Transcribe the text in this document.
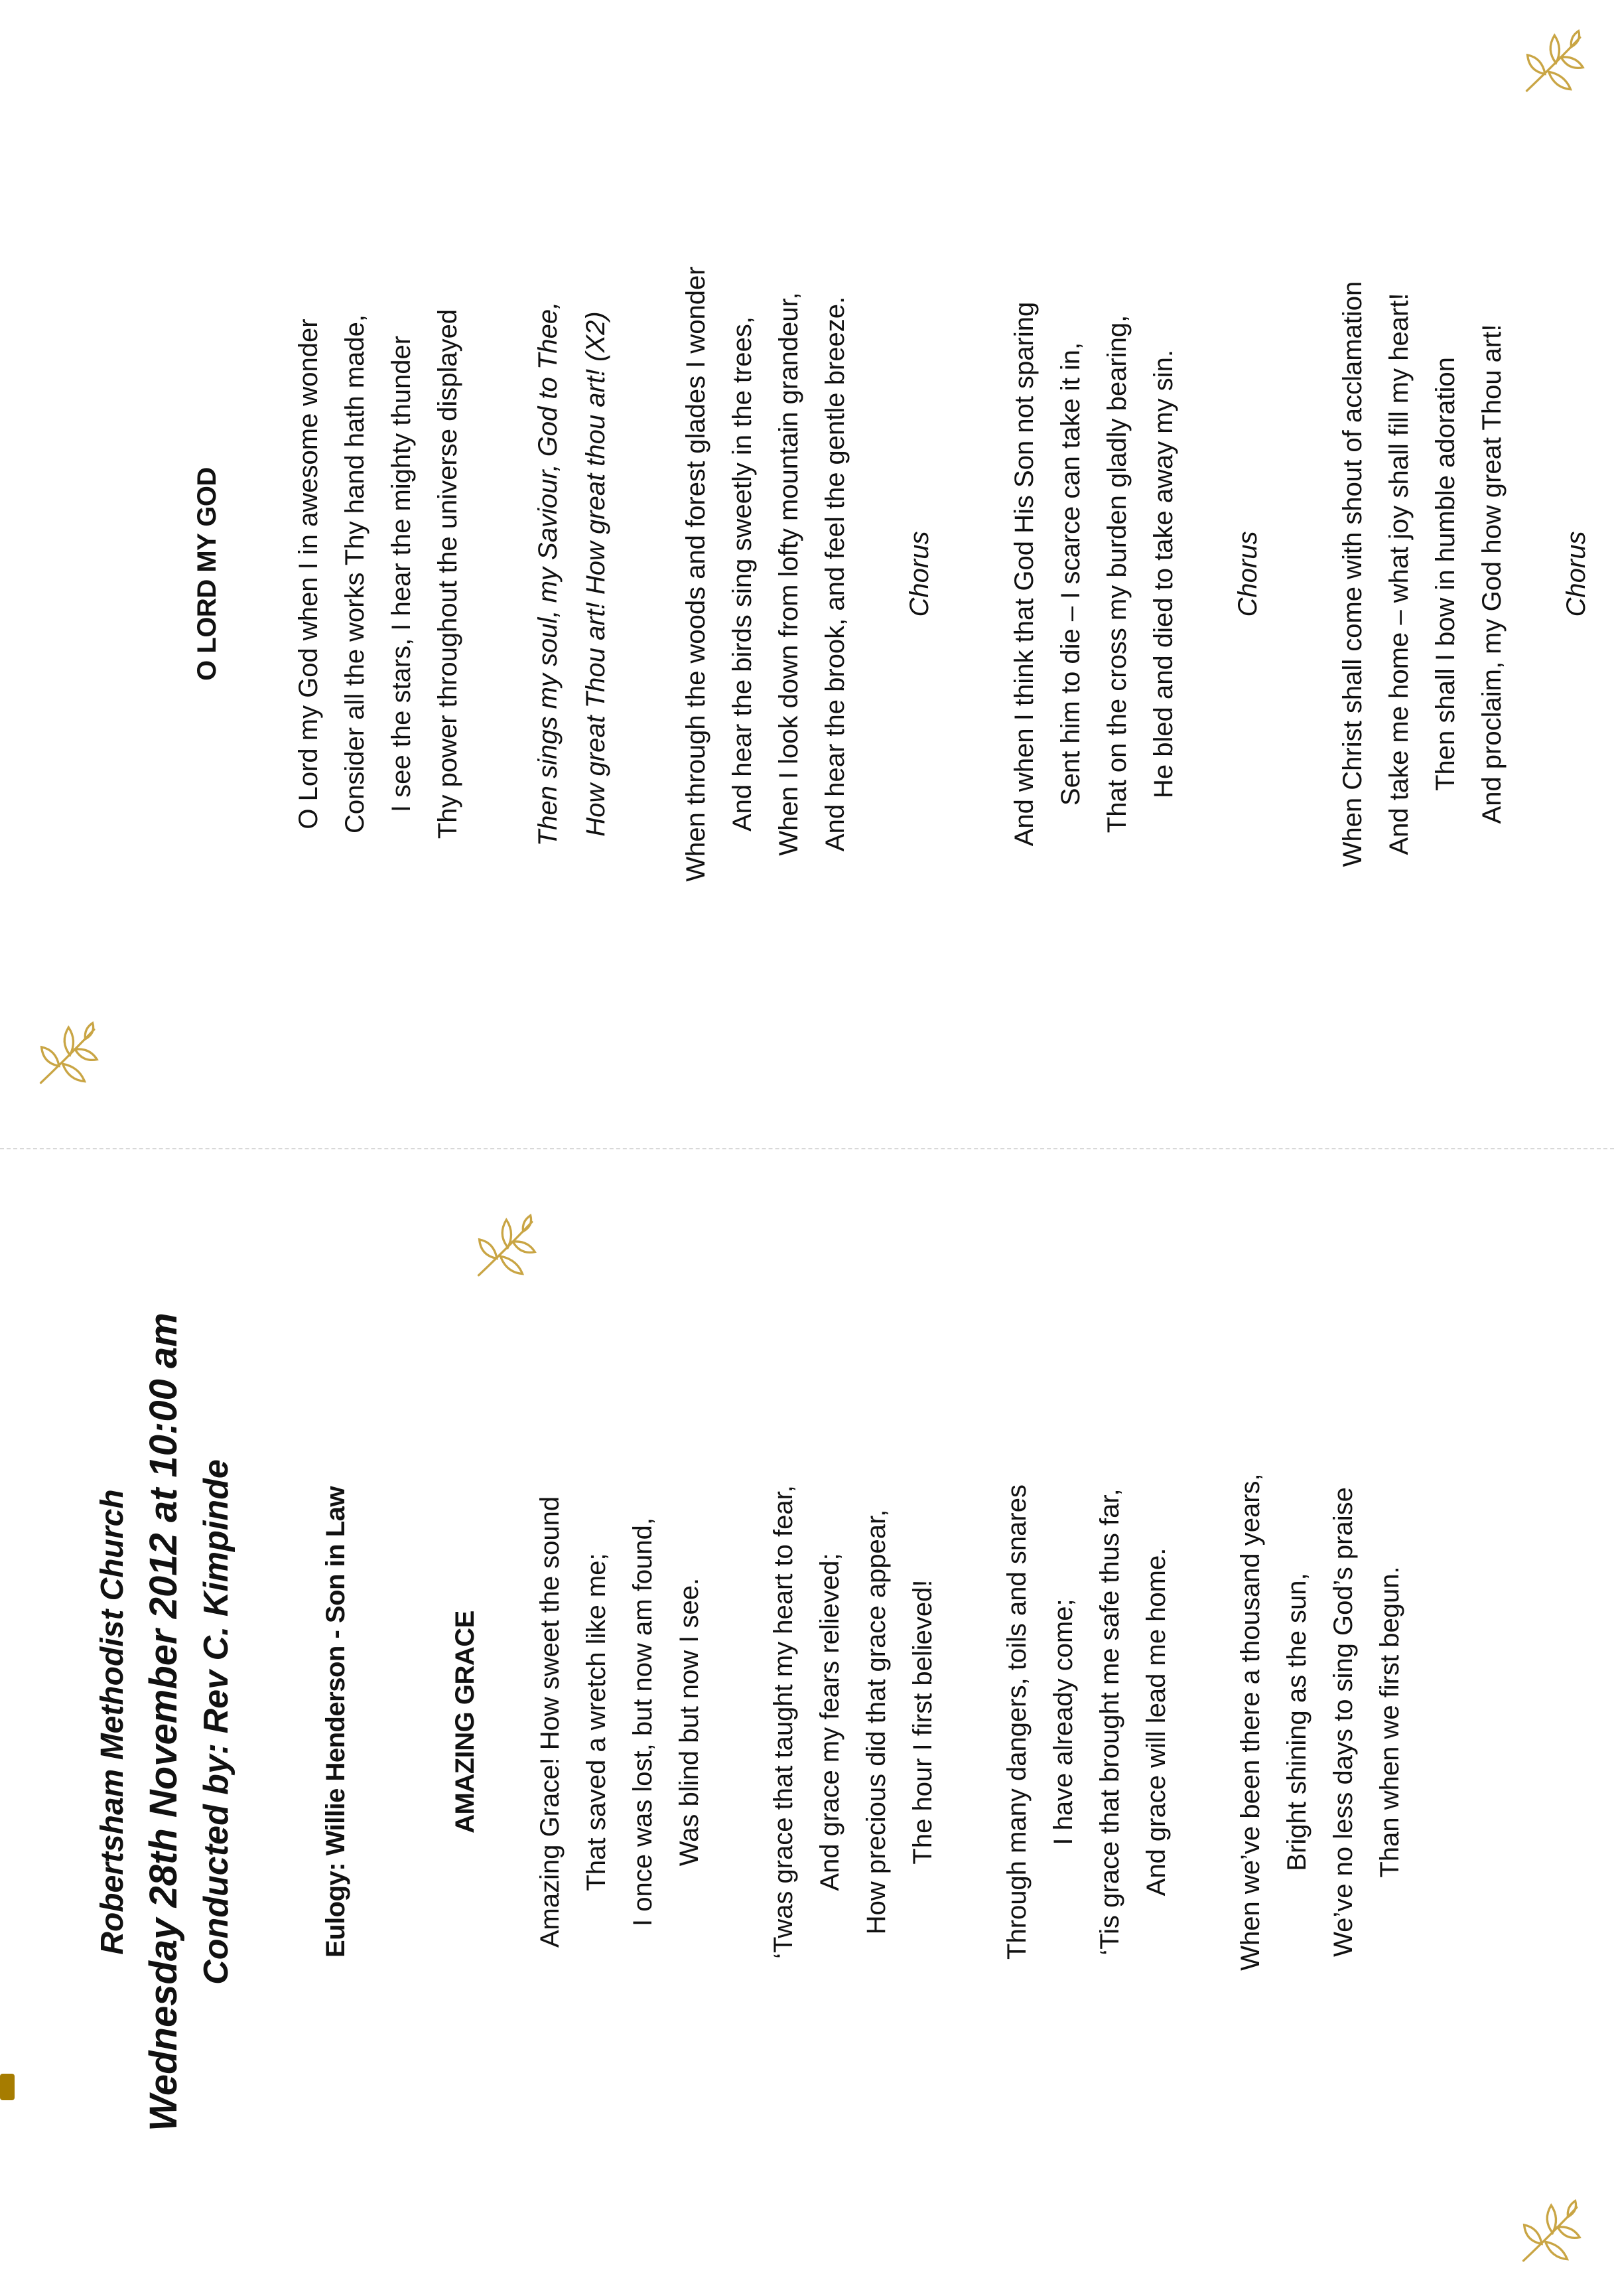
Robertsham Methodist Church Wednesday 28th November 2012 at 10:00 am Conducted by: Rev C. Kimpinde	Eulogy: Willie Henderson - Son in Law	AMAZING GRACE	Amazing Grace! How sweet the sound That saved a wretch like me; I once was lost, but now am found, Was blind but now I see.	‘Twas grace that taught my heart to fear, And grace my fears relieved; How precious did that grace appear, The hour I first believed!	Through many dangers, toils and snares I have already come; ‘Tis grace that brought me safe thus far, And grace will lead me home.	When we’ve been there a thousand years, Bright shining as the sun, We’ve no less days to sing God’s praise Than when we first begun.

O LORD MY GOD	O Lord my God when I in awesome wonder Consider all the works Thy hand hath made, I see the stars, I hear the mighty thunder Thy power throughout the universe displayed	Then sings my soul, my Saviour, God to Thee, How great Thou art! How great thou art! (X2)	When through the woods and forest glades I wonder And hear the birds sing sweetly in the trees, When I look down from lofty mountain grandeur, And hear the brook, and feel the gentle breeze.	Chorus	And when I think that God His Son not sparing Sent him to die – I scarce can take it in, That on the cross my burden gladly bearing, He bled and died to take away my sin.	Chorus	When Christ shall come with shout of acclamation And take me home – what joy shall fill my heart! Then shall I bow in humble adoration And proclaim, my God how great Thou art!	Chorus
